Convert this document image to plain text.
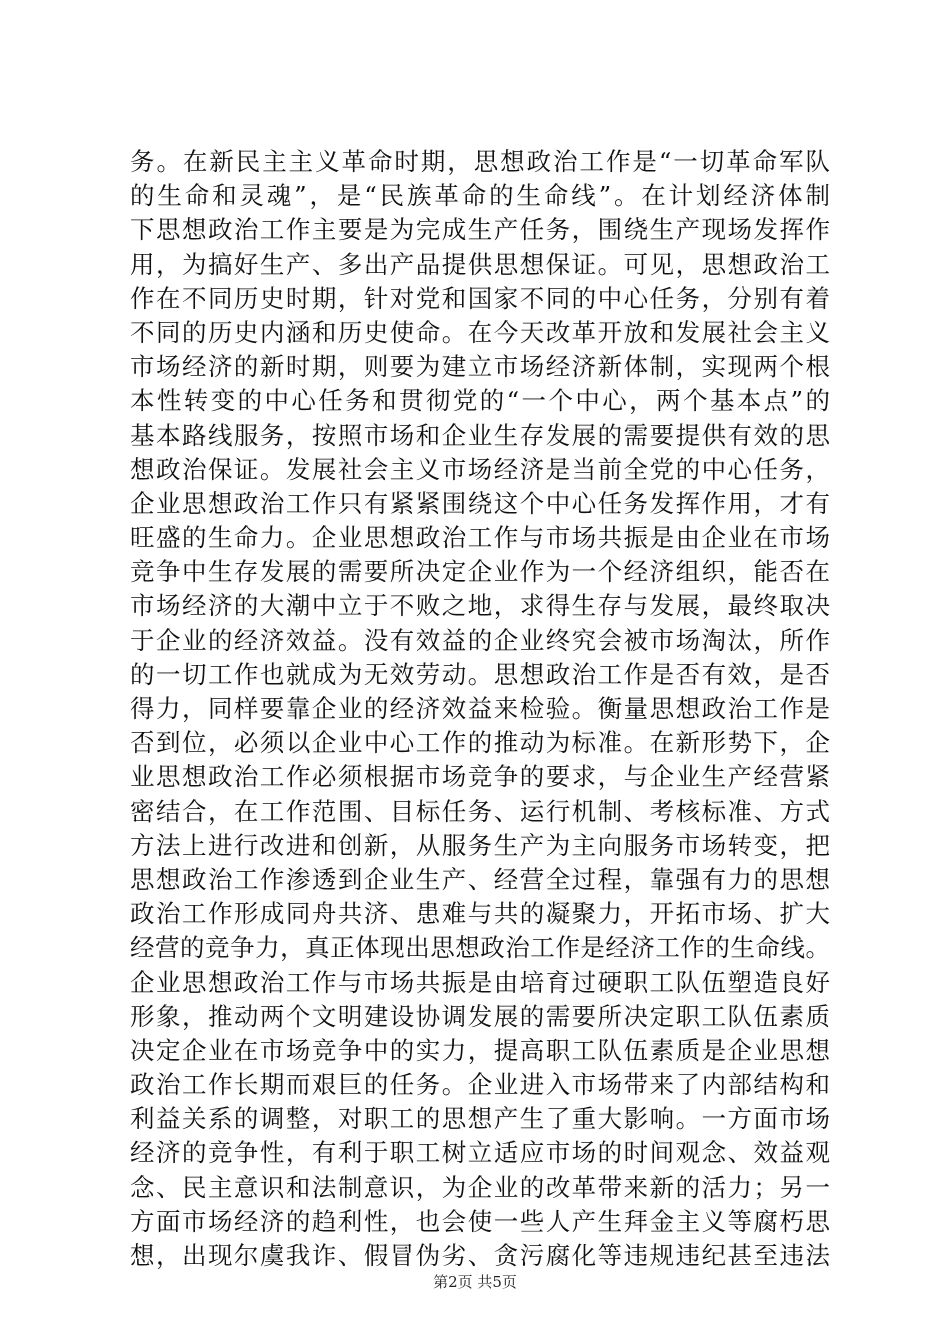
务。在新民主主义革命时期，思想政治工作是“一切革命军队
的生命和灵魂”，是“民族革命的生命线”。在计划经济体制
下思想政治工作主要是为完成生产任务，围绕生产现场发挥作
用，为搞好生产、多出产品提供思想保证。可见，思想政治工
作在不同历史时期，针对党和国家不同的中心任务，分别有着
不同的历史内涵和历史使命。在今天改革开放和发展社会主义
市场经济的新时期，则要为建立市场经济新体制，实现两个根
本性转变的中心任务和贯彻党的“一个中心，两个基本点”的
基本路线服务，按照市场和企业生存发展的需要提供有效的思
想政治保证。发展社会主义市场经济是当前全党的中心任务，
企业思想政治工作只有紧紧围绕这个中心任务发挥作用，才有
旺盛的生命力。企业思想政治工作与市场共振是由企业在市场
竞争中生存发展的需要所决定企业作为一个经济组织，能否在
市场经济的大潮中立于不败之地，求得生存与发展，最终取决
于企业的经济效益。没有效益的企业终究会被市场淘汰，所作
的一切工作也就成为无效劳动。思想政治工作是否有效，是否
得力，同样要靠企业的经济效益来检验。衡量思想政治工作是
否到位，必须以企业中心工作的推动为标准。在新形势下，企
业思想政治工作必须根据市场竞争的要求，与企业生产经营紧
密结合，在工作范围、目标任务、运行机制、考核标准、方式
方法上进行改进和创新，从服务生产为主向服务市场转变，把
思想政治工作渗透到企业生产、经营全过程，靠强有力的思想
政治工作形成同舟共济、患难与共的凝聚力，开拓市场、扩大
经营的竞争力，真正体现出思想政治工作是经济工作的生命线。
企业思想政治工作与市场共振是由培育过硬职工队伍塑造良好
形象，推动两个文明建设协调发展的需要所决定职工队伍素质
决定企业在市场竞争中的实力，提高职工队伍素质是企业思想
政治工作长期而艰巨的任务。企业进入市场带来了内部结构和
利益关系的调整，对职工的思想产生了重大影响。一方面市场
经济的竞争性，有利于职工树立适应市场的时间观念、效益观
念、民主意识和法制意识，为企业的改革带来新的活力；另一
方面市场经济的趋利性，也会使一些人产生拜金主义等腐朽思
想，出现尔虞我诈、假冒伪劣、贪污腐化等违规违纪甚至违法
第2页 共5页
